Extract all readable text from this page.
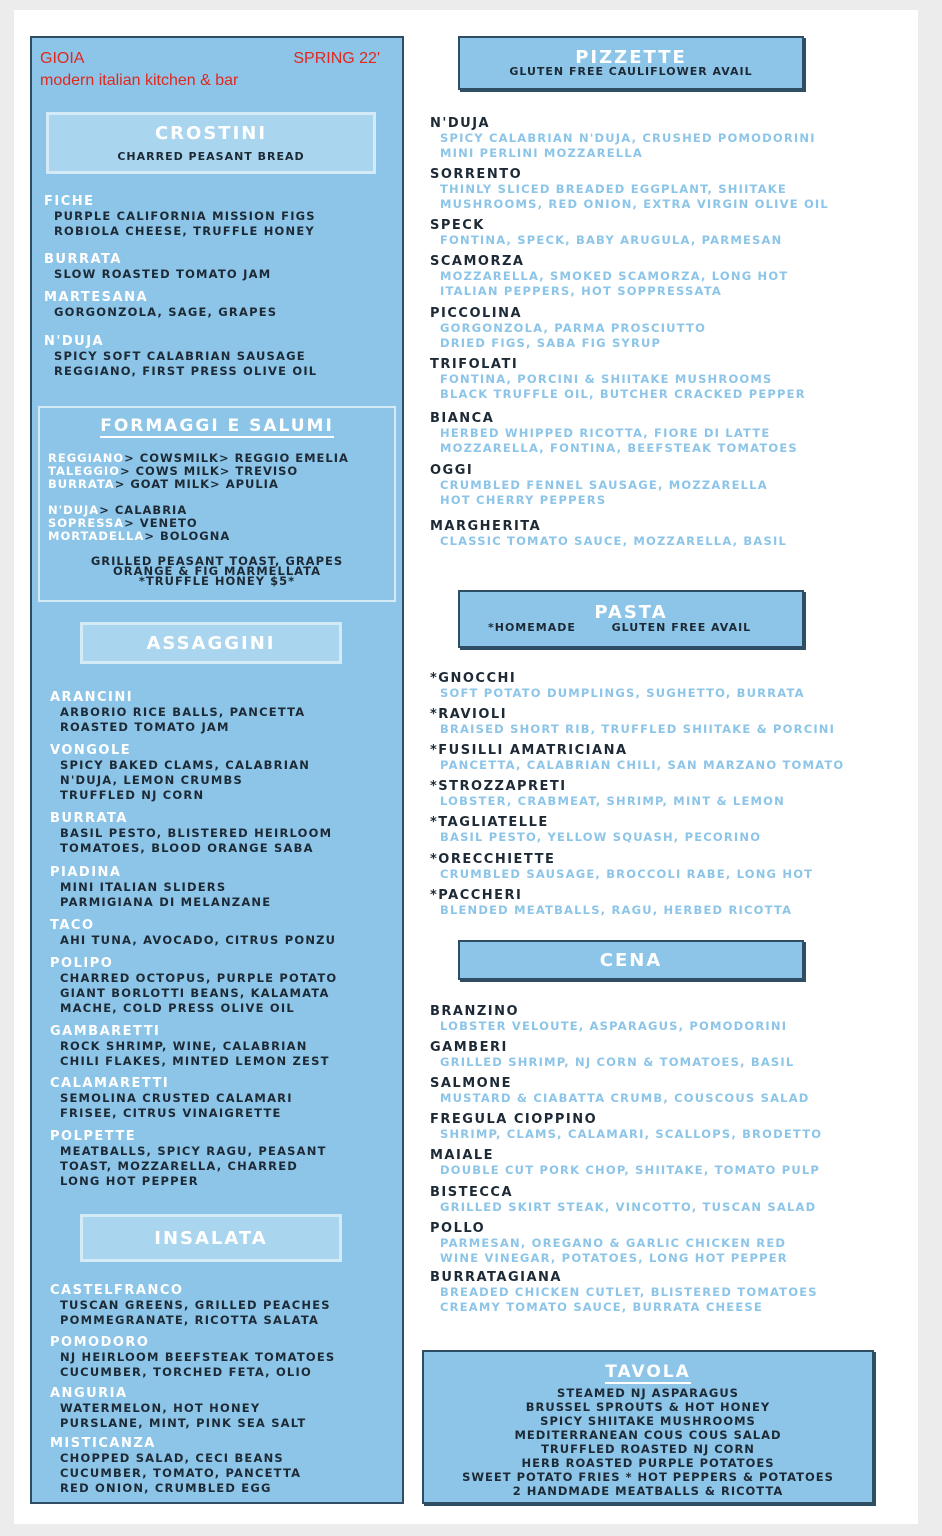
GIOIA	SPRING 22'
modern italian kitchen & bar
CROSTINI
CHARRED PEASANT BREAD
FICHE
PURPLE CALIFORNIA MISSION FIGS
ROBIOLA CHEESE, TRUFFLE HONEY
BURRATA
SLOW ROASTED TOMATO JAM
MARTESANA
GORGONZOLA, SAGE, GRAPES
N'DUJA
SPICY SOFT CALABRIAN SAUSAGE
REGGIANO, FIRST PRESS OLIVE OIL
FORMAGGI E SALUMI
REGGIANO> COWSMILK> REGGIO EMELIA
TALEGGIO> COWS MILK> TREVISO
BURRATA> GOAT MILK> APULIA
N'DUJA> CALABRIA
SOPRESSA> VENETO
MORTADELLA> BOLOGNA
GRILLED PEASANT TOAST, GRAPES
ORANGE & FIG MARMELLATA
*TRUFFLE HONEY $5*
ASSAGGINI
ARANCINI
ARBORIO RICE BALLS, PANCETTA
ROASTED TOMATO JAM
VONGOLE
SPICY BAKED CLAMS, CALABRIAN
N'DUJA, LEMON CRUMBS
TRUFFLED NJ CORN
BURRATA
BASIL PESTO, BLISTERED HEIRLOOM
TOMATOES, BLOOD ORANGE SABA
PIADINA
MINI ITALIAN SLIDERS
PARMIGIANA DI MELANZANE
TACO
AHI TUNA, AVOCADO, CITRUS PONZU
POLIPO
CHARRED OCTOPUS, PURPLE POTATO
GIANT BORLOTTI BEANS, KALAMATA
MACHE, COLD PRESS OLIVE OIL
GAMBARETTI
ROCK SHRIMP, WINE, CALABRIAN
CHILI FLAKES, MINTED LEMON ZEST
CALAMARETTI
SEMOLINA CRUSTED CALAMARI
FRISEE, CITRUS VINAIGRETTE
POLPETTE
MEATBALLS, SPICY RAGU, PEASANT
TOAST, MOZZARELLA, CHARRED
LONG HOT PEPPER
INSALATA
CASTELFRANCO
TUSCAN GREENS, GRILLED PEACHES
POMMEGRANATE, RICOTTA SALATA
POMODORO
NJ HEIRLOOM BEEFSTEAK TOMATOES
CUCUMBER, TORCHED FETA, OLIO
ANGURIA
WATERMELON, HOT HONEY
PURSLANE, MINT, PINK SEA SALT
MISTICANZA
CHOPPED SALAD, CECI BEANS
CUCUMBER, TOMATO, PANCETTA
RED ONION, CRUMBLED EGG
PIZZETTE
GLUTEN FREE CAULIFLOWER AVAIL
N'DUJA
SPICY CALABRIAN N'DUJA, CRUSHED POMODORINI
MINI PERLINI MOZZARELLA
SORRENTO
THINLY SLICED BREADED EGGPLANT, SHIITAKE
MUSHROOMS, RED ONION, EXTRA VIRGIN OLIVE OIL
SPECK
FONTINA, SPECK, BABY ARUGULA, PARMESAN
SCAMORZA
MOZZARELLA, SMOKED SCAMORZA, LONG HOT
ITALIAN PEPPERS, HOT SOPPRESSATA
PICCOLINA
GORGONZOLA, PARMA PROSCIUTTO
DRIED FIGS, SABA FIG SYRUP
TRIFOLATI
FONTINA, PORCINI & SHIITAKE MUSHROOMS
BLACK TRUFFLE OIL, BUTCHER CRACKED PEPPER
BIANCA
HERBED WHIPPED RICOTTA, FIORE DI LATTE
MOZZARELLA, FONTINA, BEEFSTEAK TOMATOES
OGGI
CRUMBLED FENNEL SAUSAGE, MOZZARELLA
HOT CHERRY PEPPERS
MARGHERITA
CLASSIC TOMATO SAUCE, MOZZARELLA, BASIL
PASTA
*HOMEMADE	GLUTEN FREE AVAIL
*GNOCCHI
SOFT POTATO DUMPLINGS, SUGHETTO, BURRATA
*RAVIOLI
BRAISED SHORT RIB, TRUFFLED SHIITAKE & PORCINI
*FUSILLI AMATRICIANA
PANCETTA, CALABRIAN CHILI, SAN MARZANO TOMATO
*STROZZAPRETI
LOBSTER, CRABMEAT, SHRIMP, MINT & LEMON
*TAGLIATELLE
BASIL PESTO, YELLOW SQUASH, PECORINO
*ORECCHIETTE
CRUMBLED SAUSAGE, BROCCOLI RABE, LONG HOT
*PACCHERI
BLENDED MEATBALLS, RAGU, HERBED RICOTTA
CENA
BRANZINO
LOBSTER VELOUTE, ASPARAGUS, POMODORINI
GAMBERI
GRILLED SHRIMP, NJ CORN & TOMATOES, BASIL
SALMONE
MUSTARD & CIABATTA CRUMB, COUSCOUS SALAD
FREGULA CIOPPINO
SHRIMP, CLAMS, CALAMARI, SCALLOPS, BRODETTO
MAIALE
DOUBLE CUT PORK CHOP, SHIITAKE, TOMATO PULP
BISTECCA
GRILLED SKIRT STEAK, VINCOTTO, TUSCAN SALAD
POLLO
PARMESAN, OREGANO & GARLIC CHICKEN RED
WINE VINEGAR, POTATOES, LONG HOT PEPPER
BURRATAGIANA
BREADED CHICKEN CUTLET, BLISTERED TOMATOES
CREAMY TOMATO SAUCE, BURRATA CHEESE
TAVOLA
STEAMED NJ ASPARAGUS
BRUSSEL SPROUTS & HOT HONEY
SPICY SHIITAKE MUSHROOMS
MEDITERRANEAN COUS COUS SALAD
TRUFFLED ROASTED NJ CORN
HERB ROASTED PURPLE POTATOES
SWEET POTATO FRIES * HOT PEPPERS & POTATOES
2 HANDMADE MEATBALLS & RICOTTA
